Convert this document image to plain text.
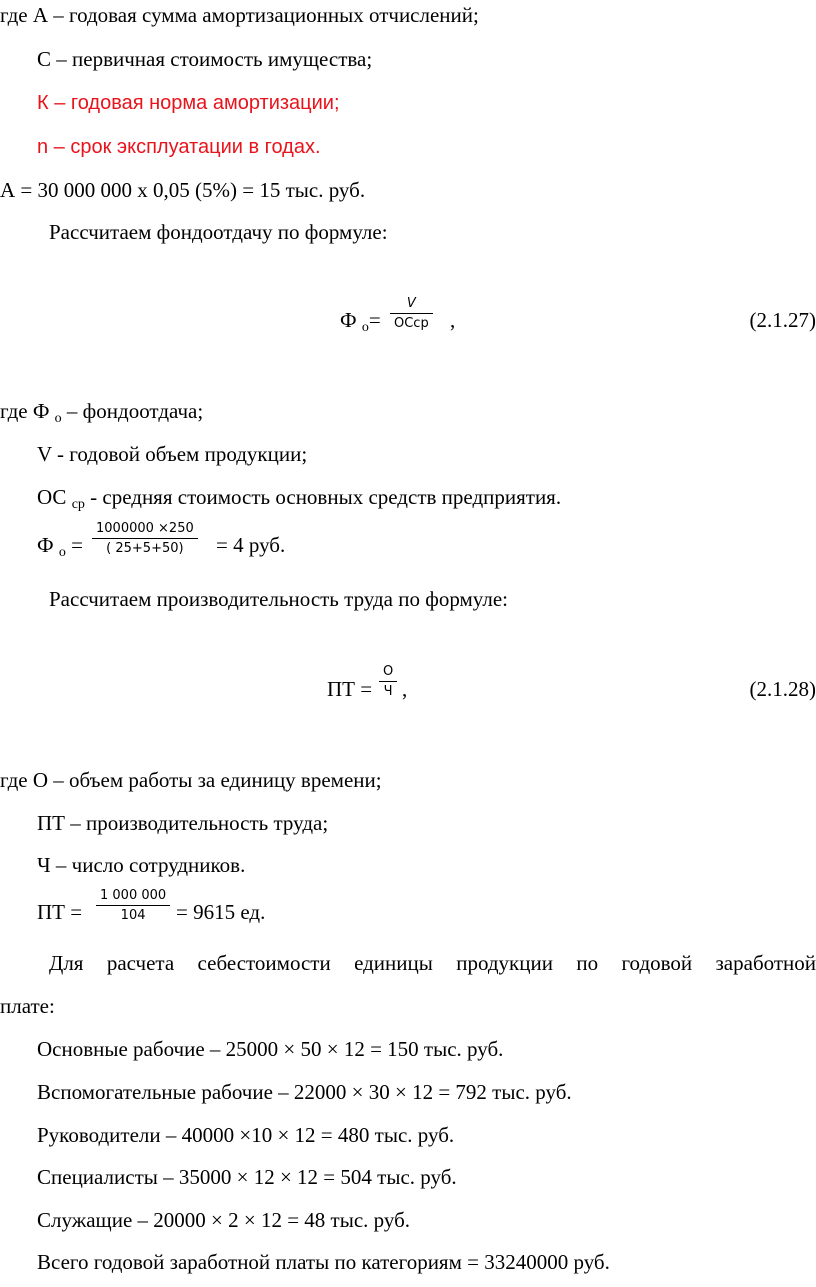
где А – годовая сумма амортизационных отчислений;
С – первичная стоимость имущества;
К – годовая норма амортизации;
n – срок эксплуатации в годах.
А = 30 000 000 х 0,05 (5%) = 15 тыс. руб.
Рассчитаем фондоотдачу по формуле:
Ф о=
V
ОСср ,	(2.1.27)
где Ф о – фондоотдача;
V - годовой объем продукции;
ОС ср - средняя стоимость основных средств предприятия.
Ф $о = \frac{1000000 \times 250}{( 25+5+50)} = 4$ руб.
Рассчитаем производительность труда по формуле:
ПТ =
О
Ч ,	(2.1.28)
где О – объем работы за единицу времени;
ПТ – производительность труда;
Ч – число сотрудников.
ПТ = $\frac{1 000 000}{104} = 9615$ ед.
Для расчета себестоимости единицы продукции по годовой заработной
плате:
Основные рабочие – 25000 × 50 × 12 = 150 тыс. руб.
Вспомогательные рабочие – 22000 × 30 × 12 = 792 тыс. руб.
Руководители – 40000 ×10 × 12 = 480 тыс. руб.
Специалисты – 35000 × 12 × 12 = 504 тыс. руб.
Служащие – 20000 × 2 × 12 = 48 тыс. руб.
Всего годовой заработной платы по категориям = 33240000 руб.
